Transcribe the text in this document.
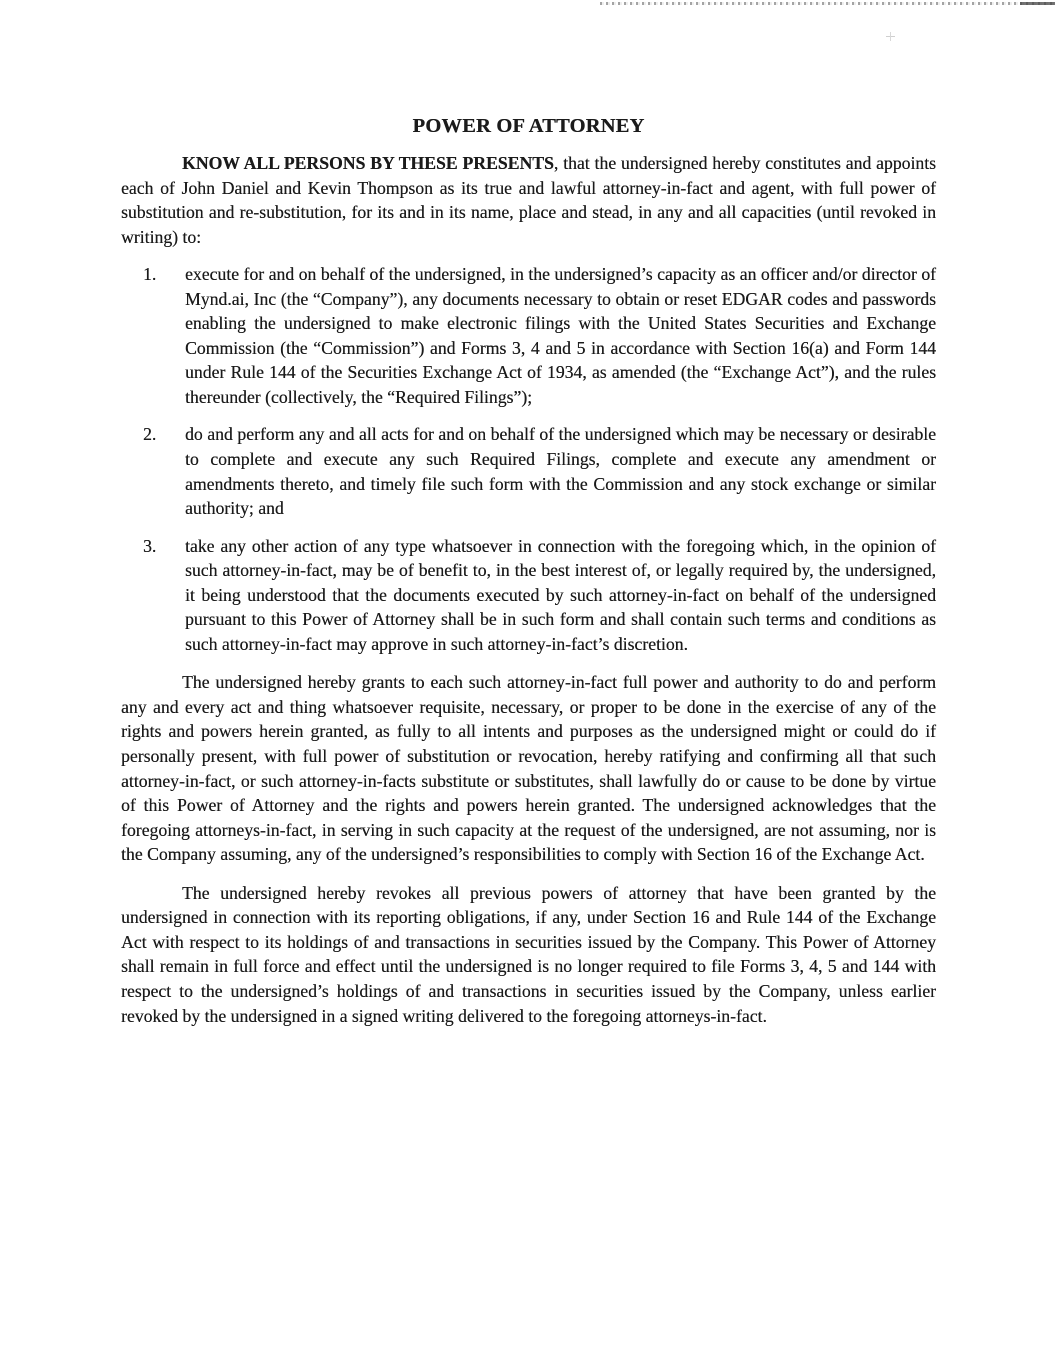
POWER OF ATTORNEY

KNOW ALL PERSONS BY THESE PRESENTS, that the undersigned hereby constitutes and appoints each of John Daniel and Kevin Thompson as its true and lawful attorney-in-fact and agent, with full power of substitution and re-substitution, for its and in its name, place and stead, in any and all capacities (until revoked in writing) to:

1. execute for and on behalf of the undersigned, in the undersigned’s capacity as an officer and/or director of Mynd.ai, Inc (the “Company”), any documents necessary to obtain or reset EDGAR codes and passwords enabling the undersigned to make electronic filings with the United States Securities and Exchange Commission (the “Commission”) and Forms 3, 4 and 5 in accordance with Section 16(a) and Form 144 under Rule 144 of the Securities Exchange Act of 1934, as amended (the “Exchange Act”), and the rules thereunder (collectively, the “Required Filings”);
2. do and perform any and all acts for and on behalf of the undersigned which may be necessary or desirable to complete and execute any such Required Filings, complete and execute any amendment or amendments thereto, and timely file such form with the Commission and any stock exchange or similar authority; and
3. take any other action of any type whatsoever in connection with the foregoing which, in the opinion of such attorney-in-fact, may be of benefit to, in the best interest of, or legally required by, the undersigned, it being understood that the documents executed by such attorney-in-fact on behalf of the undersigned pursuant to this Power of Attorney shall be in such form and shall contain such terms and conditions as such attorney-in-fact may approve in such attorney-in-fact’s discretion.

The undersigned hereby grants to each such attorney-in-fact full power and authority to do and perform any and every act and thing whatsoever requisite, necessary, or proper to be done in the exercise of any of the rights and powers herein granted, as fully to all intents and purposes as the undersigned might or could do if personally present, with full power of substitution or revocation, hereby ratifying and confirming all that such attorney-in-fact, or such attorney-in-facts substitute or substitutes, shall lawfully do or cause to be done by virtue of this Power of Attorney and the rights and powers herein granted. The undersigned acknowledges that the foregoing attorneys-in-fact, in serving in such capacity at the request of the undersigned, are not assuming, nor is the Company assuming, any of the undersigned’s responsibilities to comply with Section 16 of the Exchange Act.

The undersigned hereby revokes all previous powers of attorney that have been granted by the undersigned in connection with its reporting obligations, if any, under Section 16 and Rule 144 of the Exchange Act with respect to its holdings of and transactions in securities issued by the Company. This Power of Attorney shall remain in full force and effect until the undersigned is no longer required to file Forms 3, 4, 5 and 144 with respect to the undersigned’s holdings of and transactions in securities issued by the Company, unless earlier revoked by the undersigned in a signed writing delivered to the foregoing attorneys-in-fact.
